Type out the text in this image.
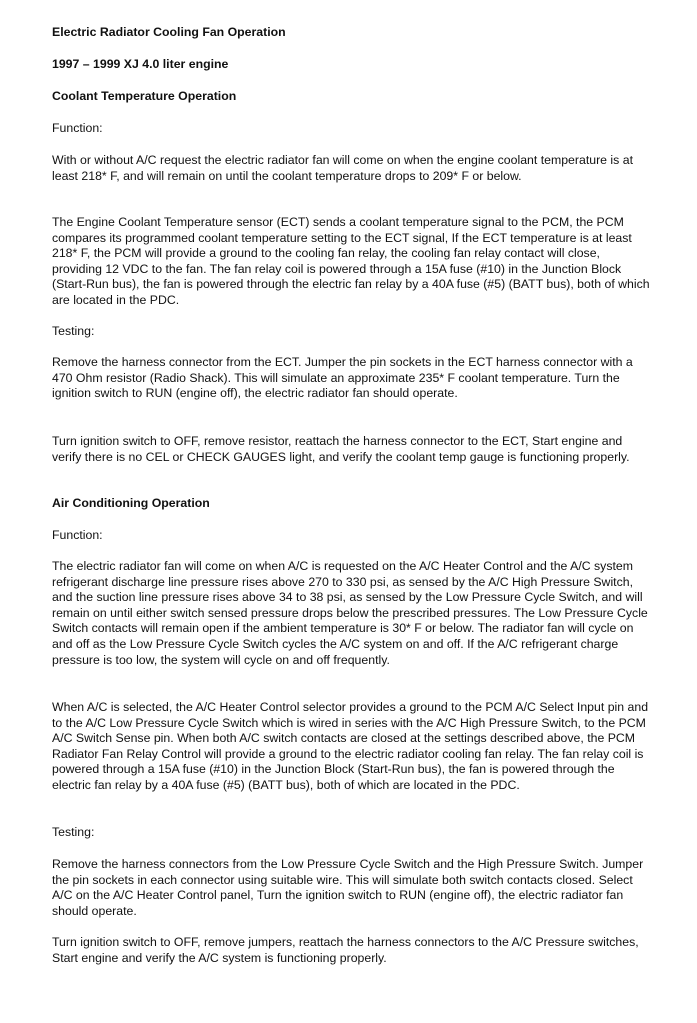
Electric Radiator Cooling Fan Operation
1997 – 1999 XJ 4.0 liter engine
Coolant Temperature Operation
Function:

With or without A/C request the electric radiator fan will come on when the engine coolant temperature is at least 218* F, and will remain on until the coolant temperature drops to 209* F or below.

The Engine Coolant Temperature sensor (ECT) sends a coolant temperature signal to the PCM, the PCM compares its programmed coolant temperature setting to the ECT signal, If the ECT temperature is at least 218* F, the PCM will provide a ground to the cooling fan relay, the cooling fan relay contact will close, providing 12 VDC to the fan. The fan relay coil is powered through a 15A fuse (#10) in the Junction Block (Start-Run bus), the fan is powered through the electric fan relay by a 40A fuse (#5) (BATT bus), both of which are located in the PDC.

Testing:

Remove the harness connector from the ECT. Jumper the pin sockets in the ECT harness connector with a 470 Ohm resistor (Radio Shack). This will simulate an approximate 235* F coolant temperature. Turn the ignition switch to RUN (engine off), the electric radiator fan should operate.

Turn ignition switch to OFF, remove resistor, reattach the harness connector to the ECT, Start engine and verify there is no CEL or CHECK GAUGES light, and verify the coolant temp gauge is functioning properly.

Air Conditioning Operation
Function:

The electric radiator fan will come on when A/C is requested on the A/C Heater Control and the A/C system refrigerant discharge line pressure rises above 270 to 330 psi, as sensed by the A/C High Pressure Switch, and the suction line pressure rises above 34 to 38 psi, as sensed by the Low Pressure Cycle Switch, and will remain on until either switch sensed pressure drops below the prescribed pressures. The Low Pressure Cycle Switch contacts will remain open if the ambient temperature is 30* F or below. The radiator fan will cycle on and off as the Low Pressure Cycle Switch cycles the A/C system on and off. If the A/C refrigerant charge pressure is too low, the system will cycle on and off frequently.

When A/C is selected, the A/C Heater Control selector provides a ground to the PCM A/C Select Input pin and to the A/C Low Pressure Cycle Switch which is wired in series with the A/C High Pressure Switch, to the PCM A/C Switch Sense pin. When both A/C switch contacts are closed at the settings described above, the PCM Radiator Fan Relay Control will provide a ground to the electric radiator cooling fan relay. The fan relay coil is powered through a 15A fuse (#10) in the Junction Block (Start-Run bus), the fan is powered through the electric fan relay by a 40A fuse (#5) (BATT bus), both of which are located in the PDC.

Testing:

Remove the harness connectors from the Low Pressure Cycle Switch and the High Pressure Switch. Jumper the pin sockets in each connector using suitable wire. This will simulate both switch contacts closed. Select A/C on the A/C Heater Control panel, Turn the ignition switch to RUN (engine off), the electric radiator fan should operate.

Turn ignition switch to OFF, remove jumpers, reattach the harness connectors to the A/C Pressure switches, Start engine and verify the A/C system is functioning properly.
